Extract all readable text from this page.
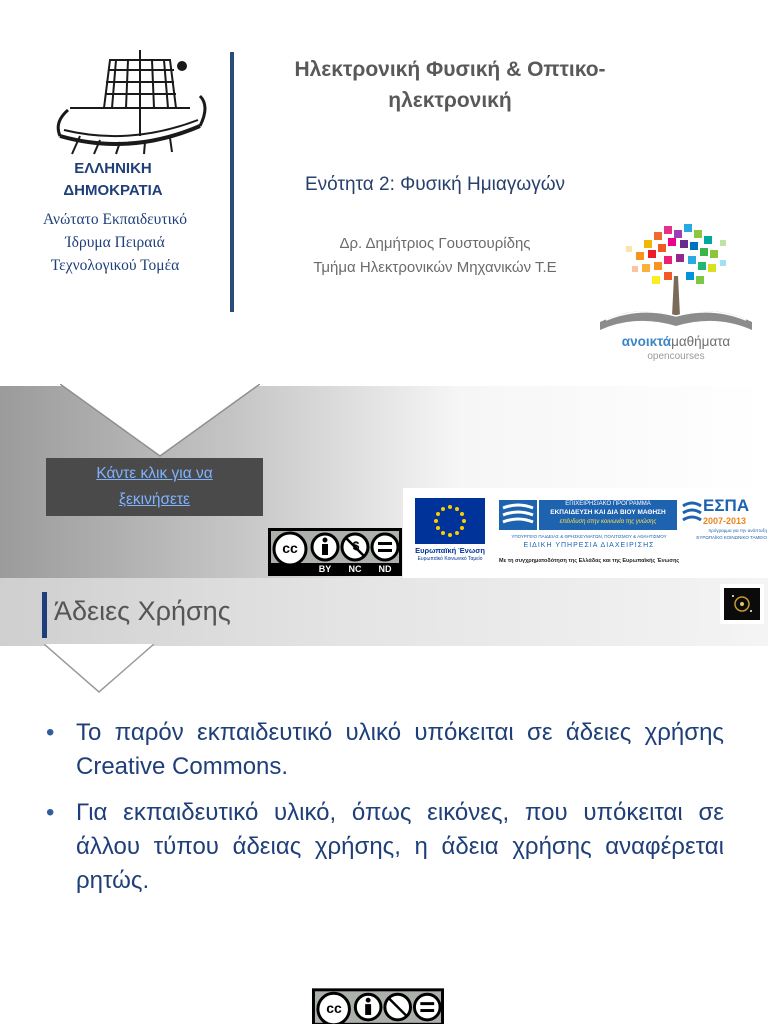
ΕΛΛΗΝΙΚΗ
ΔΗΜΟΚΡΑΤΙΑ
Ανώτατο Εκπαιδευτικό
Ίδρυμα Πειραιά
Τεχνολογικού Τομέα
Ηλεκτρονική Φυσική & Οπτικο-
ηλεκτρονική
Ενότητα 2: Φυσική Ημιαγωγών
Δρ. Δημήτριος Γουστουρίδης
Τμήμα Ηλεκτρονικών Μηχανικών Τ.Ε
ανοικτάμαθήματα
opencourses
Κάντε κλικ για να
ξεκινήσετε
cc	$
BY	NC	ND
Ευρωπαϊκή Ένωση
Ευρωπαϊκό Κοινωνικό Ταμείο
ΕΠΙΧΕΙΡΗΣΙΑΚΟ ΠΡΟΓΡΑΜΜΑ
ΕΚΠΑΙΔΕΥΣΗ ΚΑΙ ΔΙΑ ΒΙΟΥ ΜΑΘΗΣΗ
επένδυση στην κοινωνία της γνώσης
ΥΠΟΥΡΓΕΙΟ ΠΑΙΔΕΙΑΣ & ΘΡΗΣΚΕΥΜΑΤΩΝ, ΠΟΛΙΤΙΣΜΟΥ & ΑΘΛΗΤΙΣΜΟΥ
ΕΙΔΙΚΗ ΥΠΗΡΕΣΙΑ ΔΙΑΧΕΙΡΙΣΗΣ
ΕΣΠΑ
2007-2013
πρόγραμμα για την ανάπτυξη
ΕΥΡΩΠΑΪΚΟ ΚΟΙΝΩΝΙΚΟ ΤΑΜΕΙΟ
Με τη συγχρηματοδότηση της Ελλάδας και της Ευρωπαϊκής Ένωσης
Άδειες Χρήσης
• Το παρόν εκπαιδευτικό υλικό υπόκειται σε άδειες χρήσης Creative Commons.
• Για εκπαιδευτικό υλικό, όπως εικόνες, που υπόκειται σε άλλου τύπου άδειας χρήσης, η άδεια χρήσης αναφέρεται ρητώς.
cc
